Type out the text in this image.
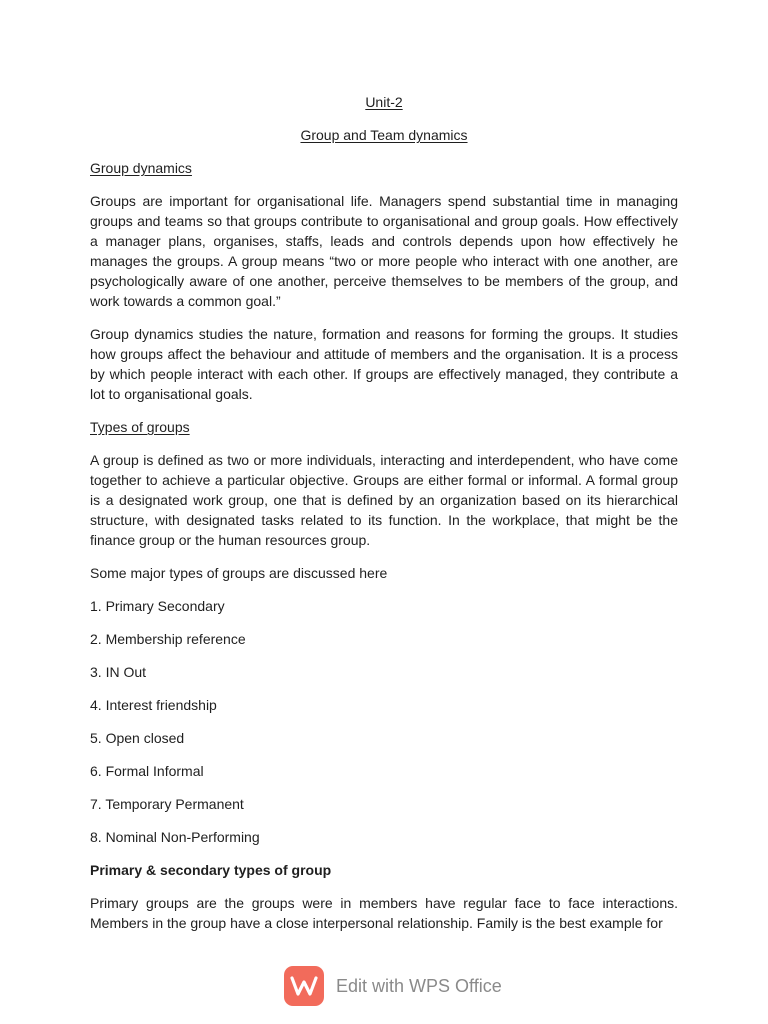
Unit-2
Group and Team dynamics
Group dynamics

Groups are important for organisational life. Managers spend substantial time in managing groups and teams so that groups contribute to organisational and group goals. How effectively a manager plans, organises, staffs, leads and controls depends upon how effectively he manages the groups. A group means “two or more people who interact with one another, are psychologically aware of one another, perceive themselves to be members of the group, and work towards a common goal.”

Group dynamics studies the nature, formation and reasons for forming the groups. It studies how groups affect the behaviour and attitude of members and the organisation. It is a process by which people interact with each other. If groups are effectively managed, they contribute a lot to organisational goals.

Types of groups

A group is defined as two or more individuals, interacting and interdependent, who have come together to achieve a particular objective. Groups are either formal or informal. A formal group is a designated work group, one that is defined by an organization based on its hierarchical structure, with designated tasks related to its function. In the workplace, that might be the finance group or the human resources group.

Some major types of groups are discussed here
1. Primary Secondary
2. Membership reference
3. IN Out
4. Interest friendship
5. Open closed
6. Formal Informal
7. Temporary Permanent
8. Nominal Non-Performing
Primary & secondary types of group

Primary groups are the groups were in members have regular face to face interactions. Members in the group have a close interpersonal relationship. Family is the best example for

Edit with WPS Office
